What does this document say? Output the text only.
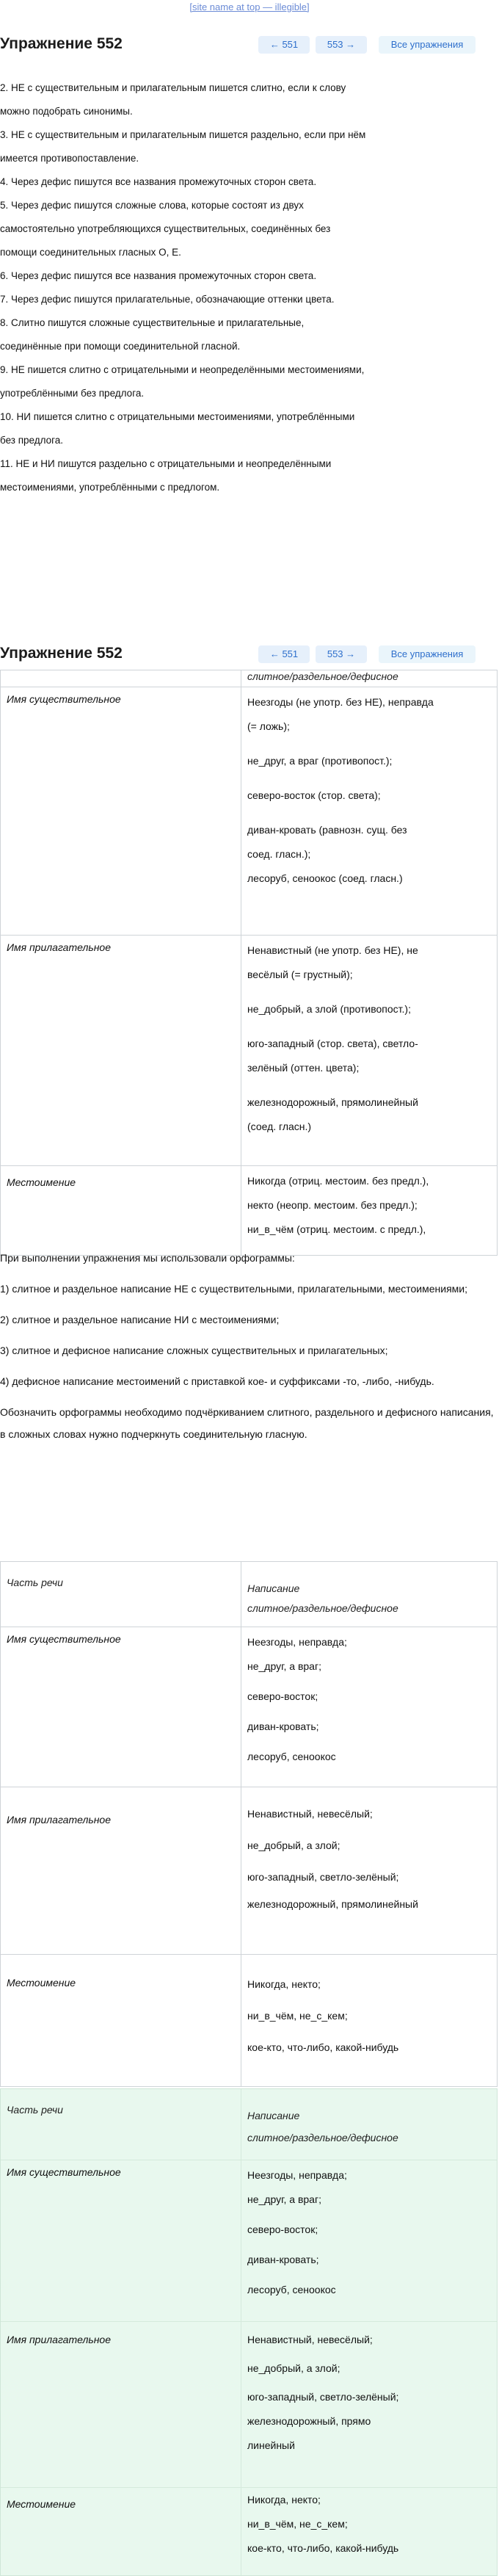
[site name at top — illegible]
Упражнение 552	← 551	553 →	Все упражнения

2. НЕ с существительным и прилагательным пишется слитно, если к слову

можно подобрать синонимы.

3. НЕ с существительным и прилагательным пишется раздельно, если при нём

имеется противопоставление.

4. Через дефис пишутся все названия промежуточных сторон света.

5. Через дефис пишутся сложные слова, которые состоят из двух

самостоятельно употребляющихся существительных, соединённых без

помощи соединительных гласных О, Е.

6. Через дефис пишутся все названия промежуточных сторон света.

7. Через дефис пишутся прилагательные, обозначающие оттенки цвета.

8. Слитно пишутся сложные существительные и прилагательные,

соединённые при помощи соединительной гласной.

9. НЕ пишется слитно с отрицательными и неопределёнными местоимениями,

употреблёнными без предлога.

10. НИ пишется слитно с отрицательными местоимениями, употреблёнными

без предлога.

11. НЕ и НИ пишутся раздельно с отрицательными и неопределёнными

местоимениями, употреблёнными с предлогом.

Упражнение 552	← 551	553 →	Все упражнения
слитное/раздельное/дефисное
Имя существительное	Неезгоды (не употр. без НЕ), неправда
(= ложь);
не_друг, а враг (противопост.);
северо-восток (стор. света);
диван-кровать (равнозн. сущ. без
соед. гласн.);
лесоруб, сеноокос (соед. гласн.)
Имя прилагательное	Ненавистный (не употр. без НЕ), не
весёлый (= грустный);
не_добрый, а злой (противопост.);
юго-западный (стор. света), светло-
зелёный (оттен. цвета);
железнодорожный, прямолинейный
(соед. гласн.)
Местоимение	Никогда (отриц. местоим. без предл.),
некто (неопр. местоим. без предл.);
ни_в_чём (отриц. местоим. с предл.),

При выполнении упражнения мы использовали орфограммы:

1) слитное и раздельное написание НЕ с существительными, прилагательными, местоимениями;

2) слитное и раздельное написание НИ с местоимениями;

3) слитное и дефисное написание сложных существительных и прилагательных;

4) дефисное написание местоимений с приставкой кое- и суффиксами -то, -либо, -нибудь.

Обозначить орфограммы необходимо подчёркиванием слитного, раздельного и дефисного написания, в сложных словах нужно подчеркнуть соединительную гласную.

Часть речи	Написание
слитное/раздельное/дефисное
Имя существительное	Неезгоды, неправда;
не_друг, а враг;
северо-восток;
диван-кровать;
лесоруб, сеноокос
Имя прилагательное	Ненавистный, невесёлый;
не_добрый, а злой;
юго-западный, светло-зелёный;
железнодорожный, прямолинейный
Местоимение	Никогда, некто;
ни_в_чём, не_с_кем;
кое-кто, что-либо, какой-нибудь
Часть речи	Написание
слитное/раздельное/дефисное
Имя существительное	Неезгоды, неправда;
не_друг, а враг;
северо-восток;
диван-кровать;
лесоруб, сеноокос
Имя прилагательное	Ненавистный, невесёлый;
не_добрый, а злой;
юго-западный, светло-зелёный;
железнодорожный, прямо
линейный
Местоимение	Никогда, некто;
ни_в_чём, не_с_кем;
кое-кто, что-либо, какой-нибудь
